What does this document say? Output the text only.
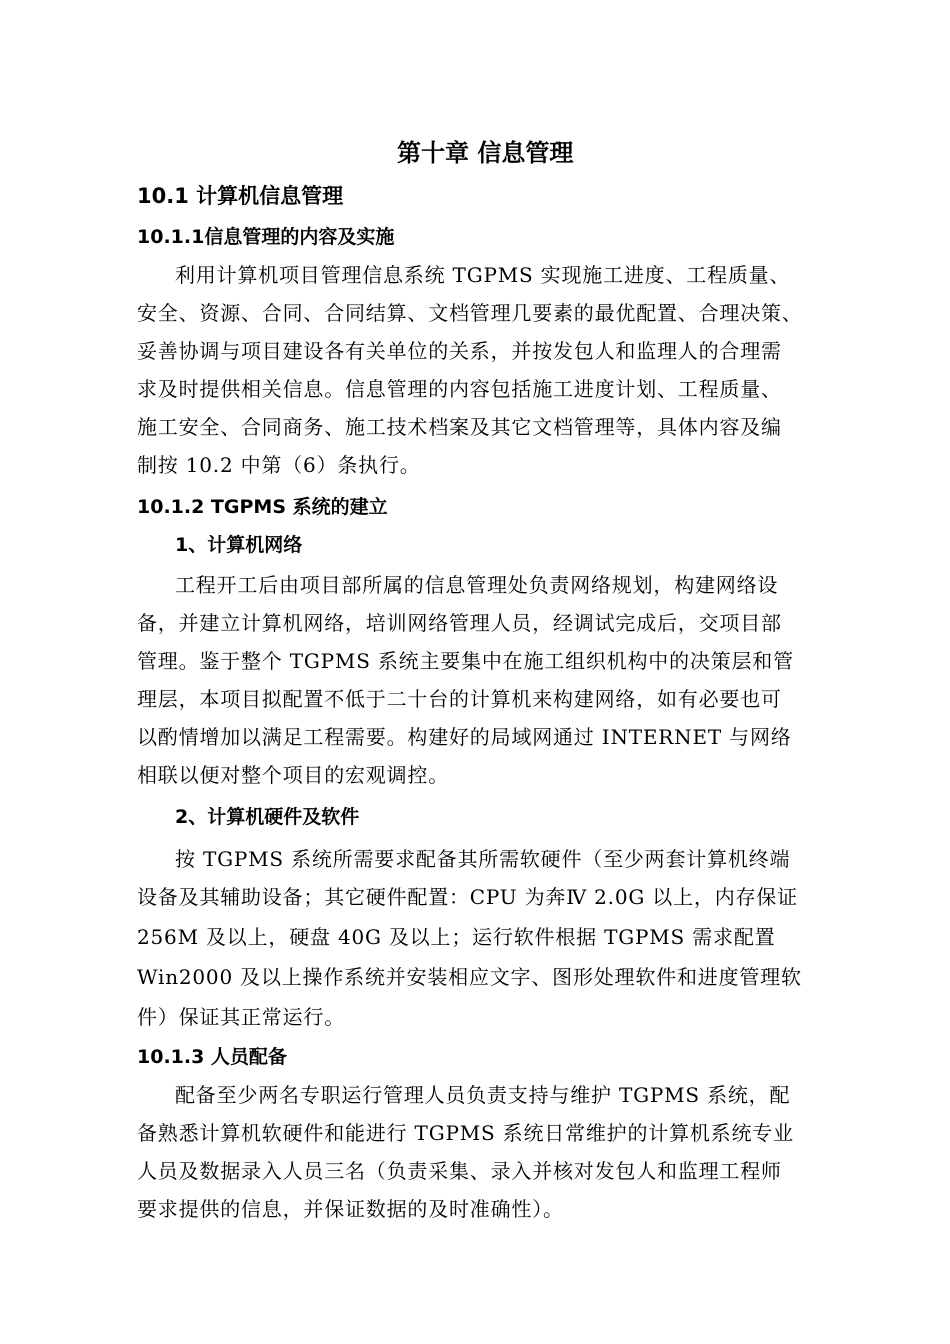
第十章 信息管理
10.1 计算机信息管理
10.1.1信息管理的内容及实施
利用计算机项目管理信息系统 TGPMS 实现施工进度、工程质量、
安全、资源、合同、合同结算、文档管理几要素的最优配置、合理决策、
妥善协调与项目建设各有关单位的关系，并按发包人和监理人的合理需
求及时提供相关信息。信息管理的内容包括施工进度计划、工程质量、
施工安全、合同商务、施工技术档案及其它文档管理等，具体内容及编
制按 10.2 中第（6）条执行。
10.1.2 TGPMS 系统的建立
1、计算机网络
工程开工后由项目部所属的信息管理处负责网络规划，构建网络设
备，并建立计算机网络，培训网络管理人员，经调试完成后，交项目部
管理。鉴于整个 TGPMS 系统主要集中在施工组织机构中的决策层和管
理层，本项目拟配置不低于二十台的计算机来构建网络，如有必要也可
以酌情增加以满足工程需要。构建好的局域网通过 INTERNET 与网络
相联以便对整个项目的宏观调控。
2、计算机硬件及软件
按 TGPMS 系统所需要求配备其所需软硬件（至少两套计算机终端
设备及其辅助设备；其它硬件配置：CPU 为奔Ⅳ 2.0G 以上，内存保证
256M 及以上，硬盘 40G 及以上；运行软件根据 TGPMS 需求配置
Win2000 及以上操作系统并安装相应文字、图形处理软件和进度管理软
件）保证其正常运行。
10.1.3 人员配备
配备至少两名专职运行管理人员负责支持与维护 TGPMS 系统，配
备熟悉计算机软硬件和能进行 TGPMS 系统日常维护的计算机系统专业
人员及数据录入人员三名（负责采集、录入并核对发包人和监理工程师
要求提供的信息，并保证数据的及时准确性）。
